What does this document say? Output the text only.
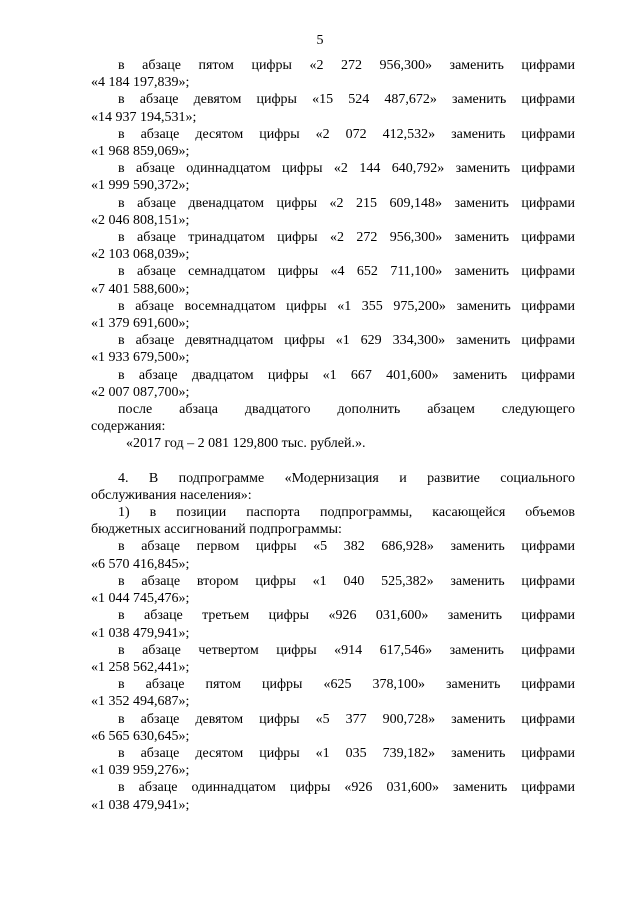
5

в абзаце пятом цифры «2 272 956,300» заменить цифрами
«4 184 197,839»;

в абзаце девятом цифры «15 524 487,672» заменить цифрами
«14 937 194,531»;

в абзаце десятом цифры «2 072 412,532» заменить цифрами
«1 968 859,069»;

в абзаце одиннадцатом цифры «2 144 640,792» заменить цифрами
«1 999 590,372»;

в абзаце двенадцатом цифры «2 215 609,148» заменить цифрами
«2 046 808,151»;

в абзаце тринадцатом цифры «2 272 956,300» заменить цифрами
«2 103 068,039»;

в абзаце семнадцатом цифры «4 652 711,100» заменить цифрами
«7 401 588,600»;

в абзаце восемнадцатом цифры «1 355 975,200» заменить цифрами
«1 379 691,600»;

в абзаце девятнадцатом цифры «1 629 334,300» заменить цифрами
«1 933 679,500»;

в абзаце двадцатом цифры «1 667 401,600» заменить цифрами
«2 007 087,700»;

после абзаца двадцатого дополнить абзацем следующего
содержания:

«2017 год – 2 081 129,800 тыс. рублей.».

4. В подпрограмме «Модернизация и развитие социального
обслуживания населения»:

1) в позиции паспорта подпрограммы, касающейся объемов
бюджетных ассигнований подпрограммы:

в абзаце первом цифры «5 382 686,928» заменить цифрами
«6 570 416,845»;

в абзаце втором цифры «1 040 525,382» заменить цифрами
«1 044 745,476»;

в абзаце третьем цифры «926 031,600» заменить цифрами
«1 038 479,941»;

в абзаце четвертом цифры «914 617,546» заменить цифрами
«1 258 562,441»;

в абзаце пятом цифры «625 378,100» заменить цифрами
«1 352 494,687»;

в абзаце девятом цифры «5 377 900,728» заменить цифрами
«6 565 630,645»;

в абзаце десятом цифры «1 035 739,182» заменить цифрами
«1 039 959,276»;

в абзаце одиннадцатом цифры «926 031,600» заменить цифрами
«1 038 479,941»;
